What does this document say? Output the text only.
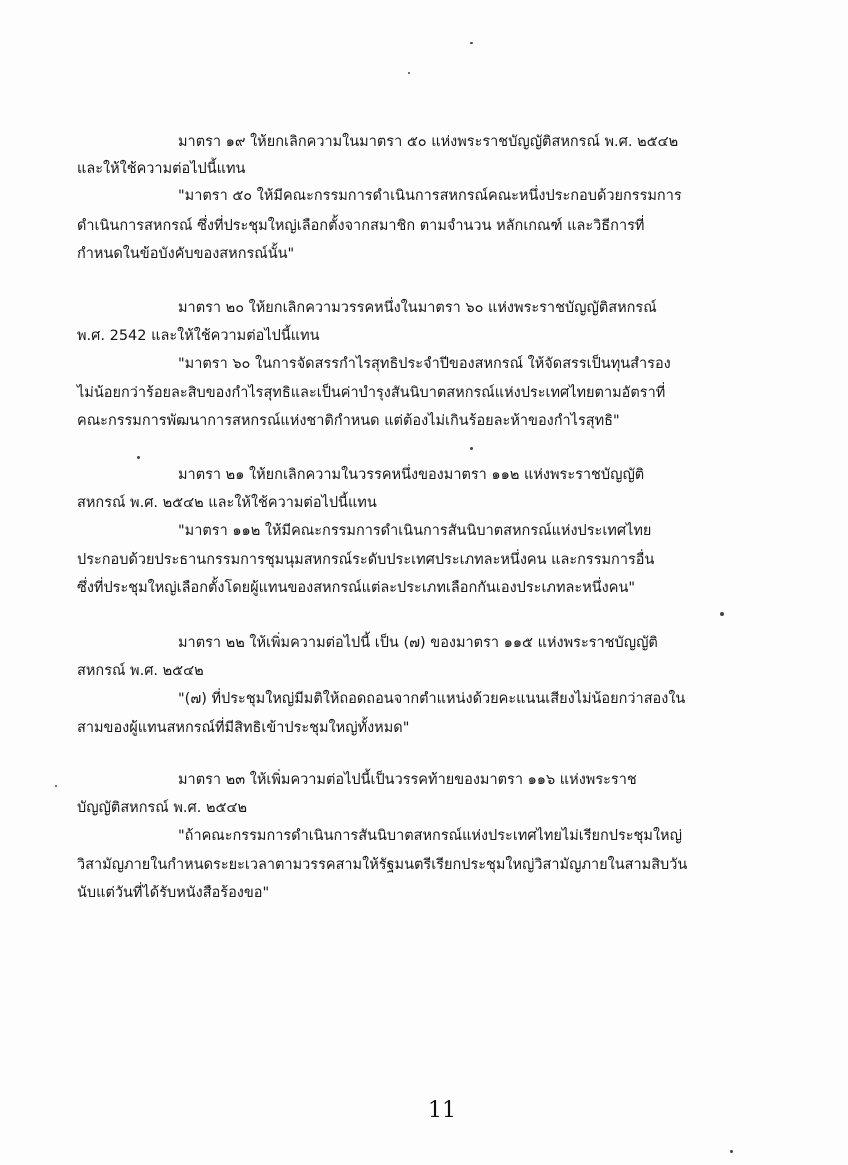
มาตรา ๑๙ ให้ยกเลิกความในมาตรา ๕๐ แห่งพระราชบัญญัติสหกรณ์ พ.ศ. ๒๕๔๒
และให้ใช้ความต่อไปนี้แทน
"มาตรา ๕๐ ให้มีคณะกรรมการดำเนินการสหกรณ์คณะหนึ่งประกอบด้วยกรรมการ
ดำเนินการสหกรณ์ ซึ่งที่ประชุมใหญ่เลือกตั้งจากสมาชิก ตามจำนวน หลักเกณฑ์ และวิธีการที่
กำหนดในข้อบังคับของสหกรณ์นั้น"
มาตรา ๒๐ ให้ยกเลิกความวรรคหนึ่งในมาตรา ๖๐ แห่งพระราชบัญญัติสหกรณ์
พ.ศ. 2542 และให้ใช้ความต่อไปนี้แทน
"มาตรา ๖๐ ในการจัดสรรกำไรสุทธิประจำปีของสหกรณ์ ให้จัดสรรเป็นทุนสำรอง
ไม่น้อยกว่าร้อยละสิบของกำไรสุทธิและเป็นค่าบำรุงสันนิบาตสหกรณ์แห่งประเทศไทยตามอัตราที่
คณะกรรมการพัฒนาการสหกรณ์แห่งชาติกำหนด แต่ต้องไม่เกินร้อยละห้าของกำไรสุทธิ"
มาตรา ๒๑ ให้ยกเลิกความในวรรคหนึ่งของมาตรา ๑๑๒ แห่งพระราชบัญญัติ
สหกรณ์ พ.ศ. ๒๕๔๒ และให้ใช้ความต่อไปนี้แทน
"มาตรา ๑๑๒ ให้มีคณะกรรมการดำเนินการสันนิบาตสหกรณ์แห่งประเทศไทย
ประกอบด้วยประธานกรรมการชุมนุมสหกรณ์ระดับประเทศประเภทละหนึ่งคน และกรรมการอื่น
ซึ่งที่ประชุมใหญ่เลือกตั้งโดยผู้แทนของสหกรณ์แต่ละประเภทเลือกกันเองประเภทละหนึ่งคน"
มาตรา ๒๒ ให้เพิ่มความต่อไปนี้ เป็น (๗) ของมาตรา ๑๑๕ แห่งพระราชบัญญัติ
สหกรณ์ พ.ศ. ๒๕๔๒
"(๗) ที่ประชุมใหญ่มีมติให้ถอดถอนจากตำแหน่งด้วยคะแนนเสียงไม่น้อยกว่าสองใน
สามของผู้แทนสหกรณ์ที่มีสิทธิเข้าประชุมใหญ่ทั้งหมด"
มาตรา ๒๓ ให้เพิ่มความต่อไปนี้เป็นวรรคท้ายของมาตรา ๑๑๖ แห่งพระราช
บัญญัติสหกรณ์ พ.ศ. ๒๕๔๒
"ถ้าคณะกรรมการดำเนินการสันนิบาตสหกรณ์แห่งประเทศไทยไม่เรียกประชุมใหญ่
วิสามัญภายในกำหนดระยะเวลาตามวรรคสามให้รัฐมนตรีเรียกประชุมใหญ่วิสามัญภายในสามสิบวัน
นับแต่วันที่ได้รับหนังสือร้องขอ"
11
